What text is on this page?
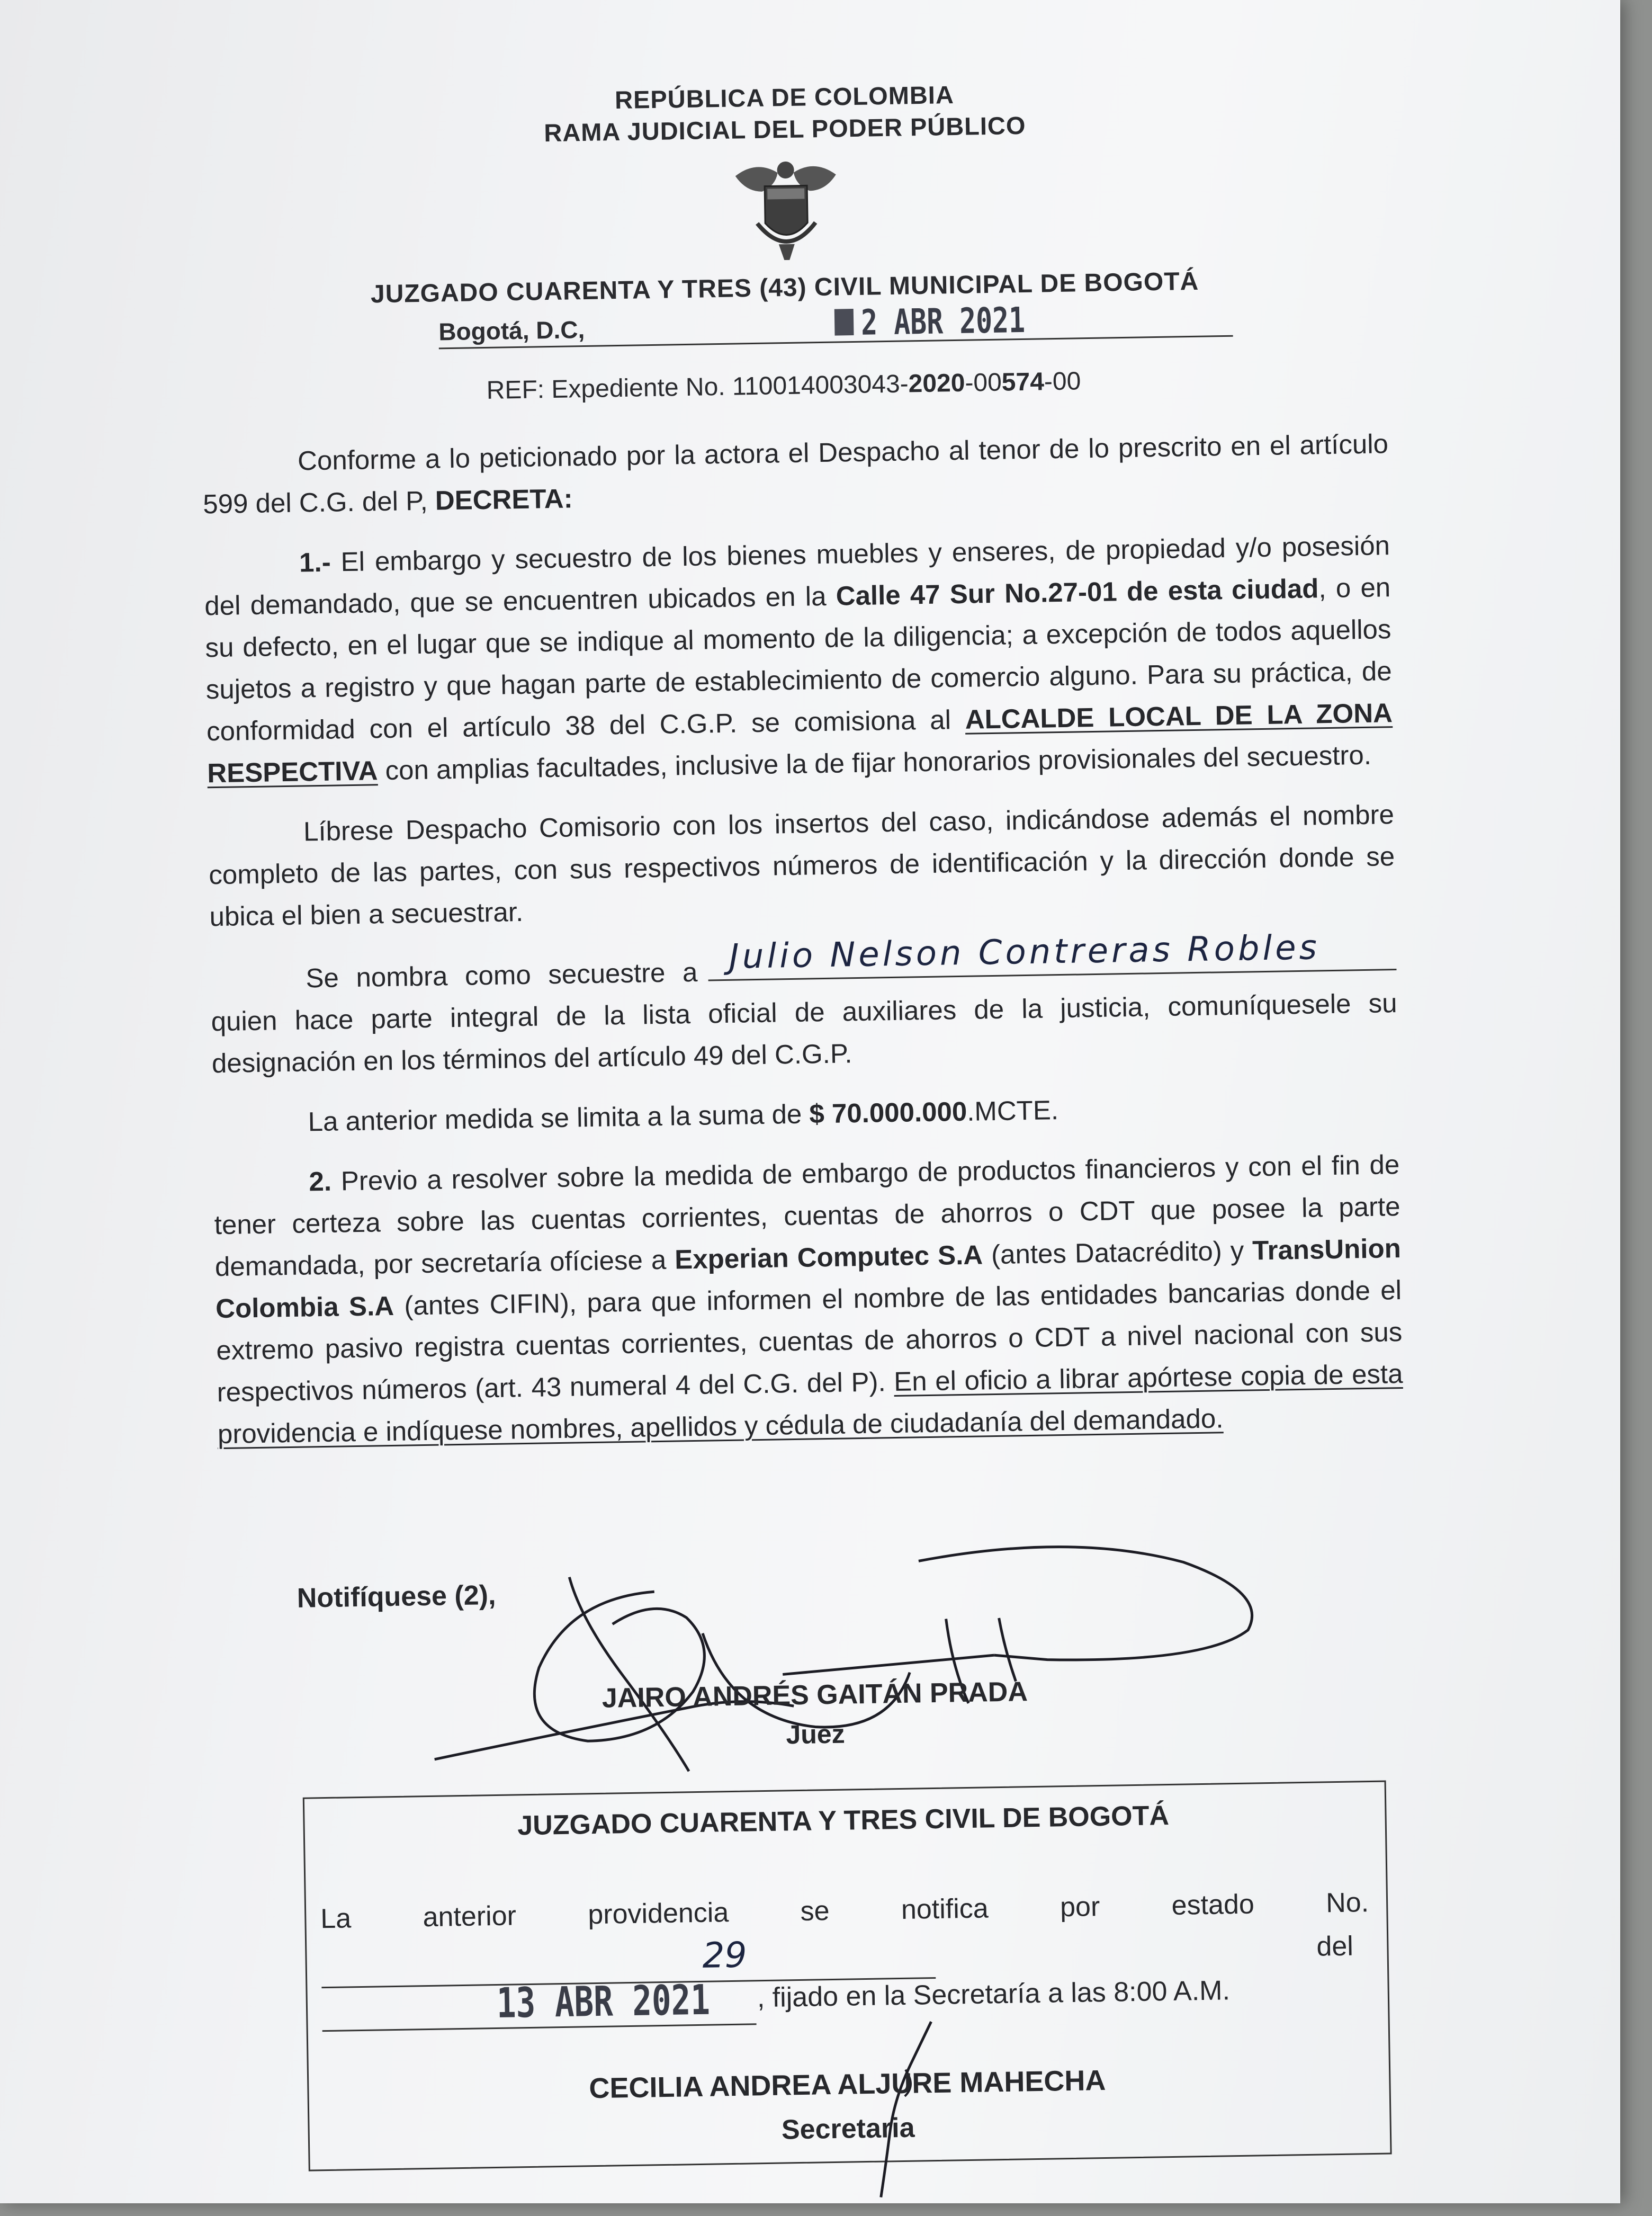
REPÚBLICA DE COLOMBIA
RAMA JUDICIAL DEL PODER PÚBLICO
JUZGADO CUARENTA Y TRES (43) CIVIL MUNICIPAL DE BOGOTÁ
Bogotá, D.C,	2 ABR 2021
REF: Expediente No. 110014003043-2020-00574-00

Conforme a lo peticionado por la actora el Despacho al tenor de lo prescrito en el artículo 599 del C.G. del P, DECRETA:

1.- El embargo y secuestro de los bienes muebles y enseres, de propiedad y/o posesión del demandado, que se encuentren ubicados en la Calle 47 Sur No.27-01 de esta ciudad, o en su defecto, en el lugar que se indique al momento de la diligencia; a excepción de todos aquellos sujetos a registro y que hagan parte de establecimiento de comercio alguno. Para su práctica, de conformidad con el artículo 38 del C.G.P. se comisiona al ALCALDE LOCAL DE LA ZONA RESPECTIVA con amplias facultades, inclusive la de fijar honorarios provisionales del secuestro.

Líbrese Despacho Comisorio con los insertos del caso, indicándose además el nombre completo de las partes, con sus respectivos números de identificación y la dirección donde se ubica el bien a secuestrar.

Se nombra como secuestre a Julio Nelson Contreras Robles
quien hace parte integral de la lista oficial de auxiliares de la justicia, comuníquesele su designación en los términos del artículo 49 del C.G.P.

La anterior medida se limita a la suma de $ 70.000.000.MCTE.

2. Previo a resolver sobre la medida de embargo de productos financieros y con el fin de tener certeza sobre las cuentas corrientes, cuentas de ahorros o CDT que posee la parte demandada, por secretaría ofíciese a Experian Computec S.A (antes Datacrédito) y TransUnion Colombia S.A (antes CIFIN), para que informen el nombre de las entidades bancarias donde el extremo pasivo registra cuentas corrientes, cuentas de ahorros o CDT a nivel nacional con sus respectivos números (art. 43 numeral 4 del C.G. del P). En el oficio a librar apórtese copia de esta providencia e indíquese nombres, apellidos y cédula de ciudadanía del demandado.

Notifíquese (2),
JAIRO ANDRÉS GAITÁN PRADA
Juez
JUZGADO CUARENTA Y TRES CIVIL DE BOGOTÁ
La	anterior	providencia	se	notifica	por	estado	No.
29	del
13 ABR 2021 , fijado en la Secretaría a las 8:00 A.M.
CECILIA ANDREA ALJURE MAHECHA
Secretaria
